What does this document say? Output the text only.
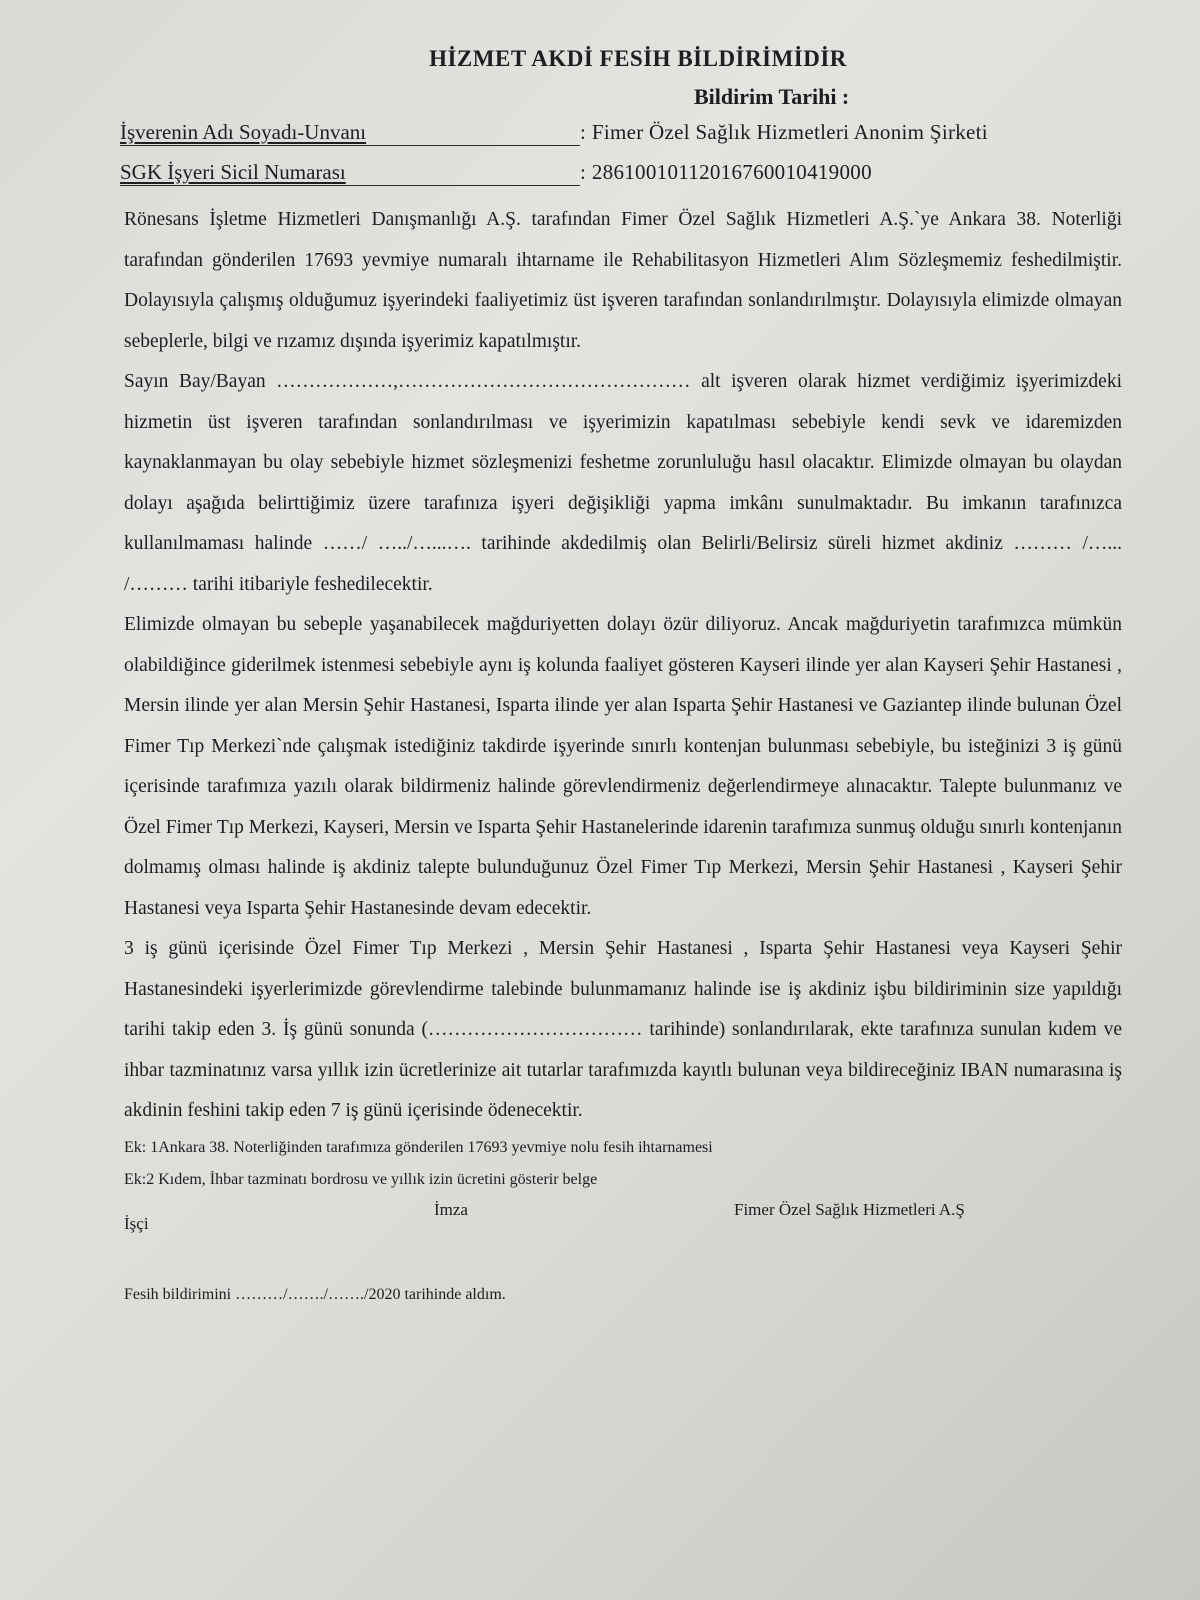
HİZMET AKDİ FESİH BİLDİRİMİDİR
Bildirim Tarihi :
İşverenin Adı Soyadı-Unvanı	: Fimer Özel Sağlık Hizmetleri Anonim Şirketi
SGK İşyeri Sicil Numarası	: 28610010112016760010419000

Rönesans İşletme Hizmetleri Danışmanlığı A.Ş. tarafından Fimer Özel Sağlık Hizmetleri A.Ş.`ye Ankara 38. Noterliği tarafından gönderilen 17693 yevmiye numaralı ihtarname ile Rehabilitasyon Hizmetleri Alım Sözleşmemiz feshedilmiştir. Dolayısıyla çalışmış olduğumuz işyerindeki faaliyetimiz üst işveren tarafından sonlandırılmıştır. Dolayısıyla elimizde olmayan sebeplerle, bilgi ve rızamız dışında işyerimiz kapatılmıştır.

Sayın Bay/Bayan ………………,……………………………………… alt işveren olarak hizmet verdiğimiz işyerimizdeki hizmetin üst işveren tarafından sonlandırılması ve işyerimizin kapatılması sebebiyle kendi sevk ve idaremizden kaynaklanmayan bu olay sebebiyle hizmet sözleşmenizi feshetme zorunluluğu hasıl olacaktır. Elimizde olmayan bu olaydan dolayı aşağıda belirttiğimiz üzere tarafınıza işyeri değişikliği yapma imkânı sunulmaktadır. Bu imkanın tarafınızca kullanılmaması halinde ……/ …../…...…. tarihinde akdedilmiş olan Belirli/Belirsiz süreli hizmet akdiniz ……… /…... /……… tarihi itibariyle feshedilecektir.

Elimizde olmayan bu sebeple yaşanabilecek mağduriyetten dolayı özür diliyoruz. Ancak mağduriyetin tarafımızca mümkün olabildiğince giderilmek istenmesi sebebiyle aynı iş kolunda faaliyet gösteren Kayseri ilinde yer alan Kayseri Şehir Hastanesi , Mersin ilinde yer alan Mersin Şehir Hastanesi, Isparta ilinde yer alan Isparta Şehir Hastanesi ve Gaziantep ilinde bulunan Özel Fimer Tıp Merkezi`nde çalışmak istediğiniz takdirde işyerinde sınırlı kontenjan bulunması sebebiyle, bu isteğinizi 3 iş günü içerisinde tarafımıza yazılı olarak bildirmeniz halinde görevlendirmeniz değerlendirmeye alınacaktır. Talepte bulunmanız ve Özel Fimer Tıp Merkezi, Kayseri, Mersin ve Isparta Şehir Hastanelerinde idarenin tarafımıza sunmuş olduğu sınırlı kontenjanın dolmamış olması halinde iş akdiniz talepte bulunduğunuz Özel Fimer Tıp Merkezi, Mersin Şehir Hastanesi , Kayseri Şehir Hastanesi veya Isparta Şehir Hastanesinde devam edecektir.

3 iş günü içerisinde Özel Fimer Tıp Merkezi , Mersin Şehir Hastanesi , Isparta Şehir Hastanesi veya Kayseri Şehir Hastanesindeki işyerlerimizde görevlendirme talebinde bulunmamanız halinde ise iş akdiniz işbu bildiriminin size yapıldığı tarihi takip eden 3. İş günü sonunda (…………………………… tarihinde) sonlandırılarak, ekte tarafınıza sunulan kıdem ve ihbar tazminatınız varsa yıllık izin ücretlerinize ait tutarlar tarafımızda kayıtlı bulunan veya bildireceğiniz IBAN numarasına iş akdinin feshini takip eden 7 iş günü içerisinde ödenecektir.

Ek: 1Ankara 38. Noterliğinden tarafımıza gönderilen 17693 yevmiye nolu fesih ihtarnamesi

Ek:2 Kıdem, İhbar tazminatı bordrosu ve yıllık izin ücretini gösterir belge

İşçi
İmza	Fimer Özel Sağlık Hizmetleri A.Ş
Fesih bildirimini ………/……./……./2020 tarihinde aldım.
